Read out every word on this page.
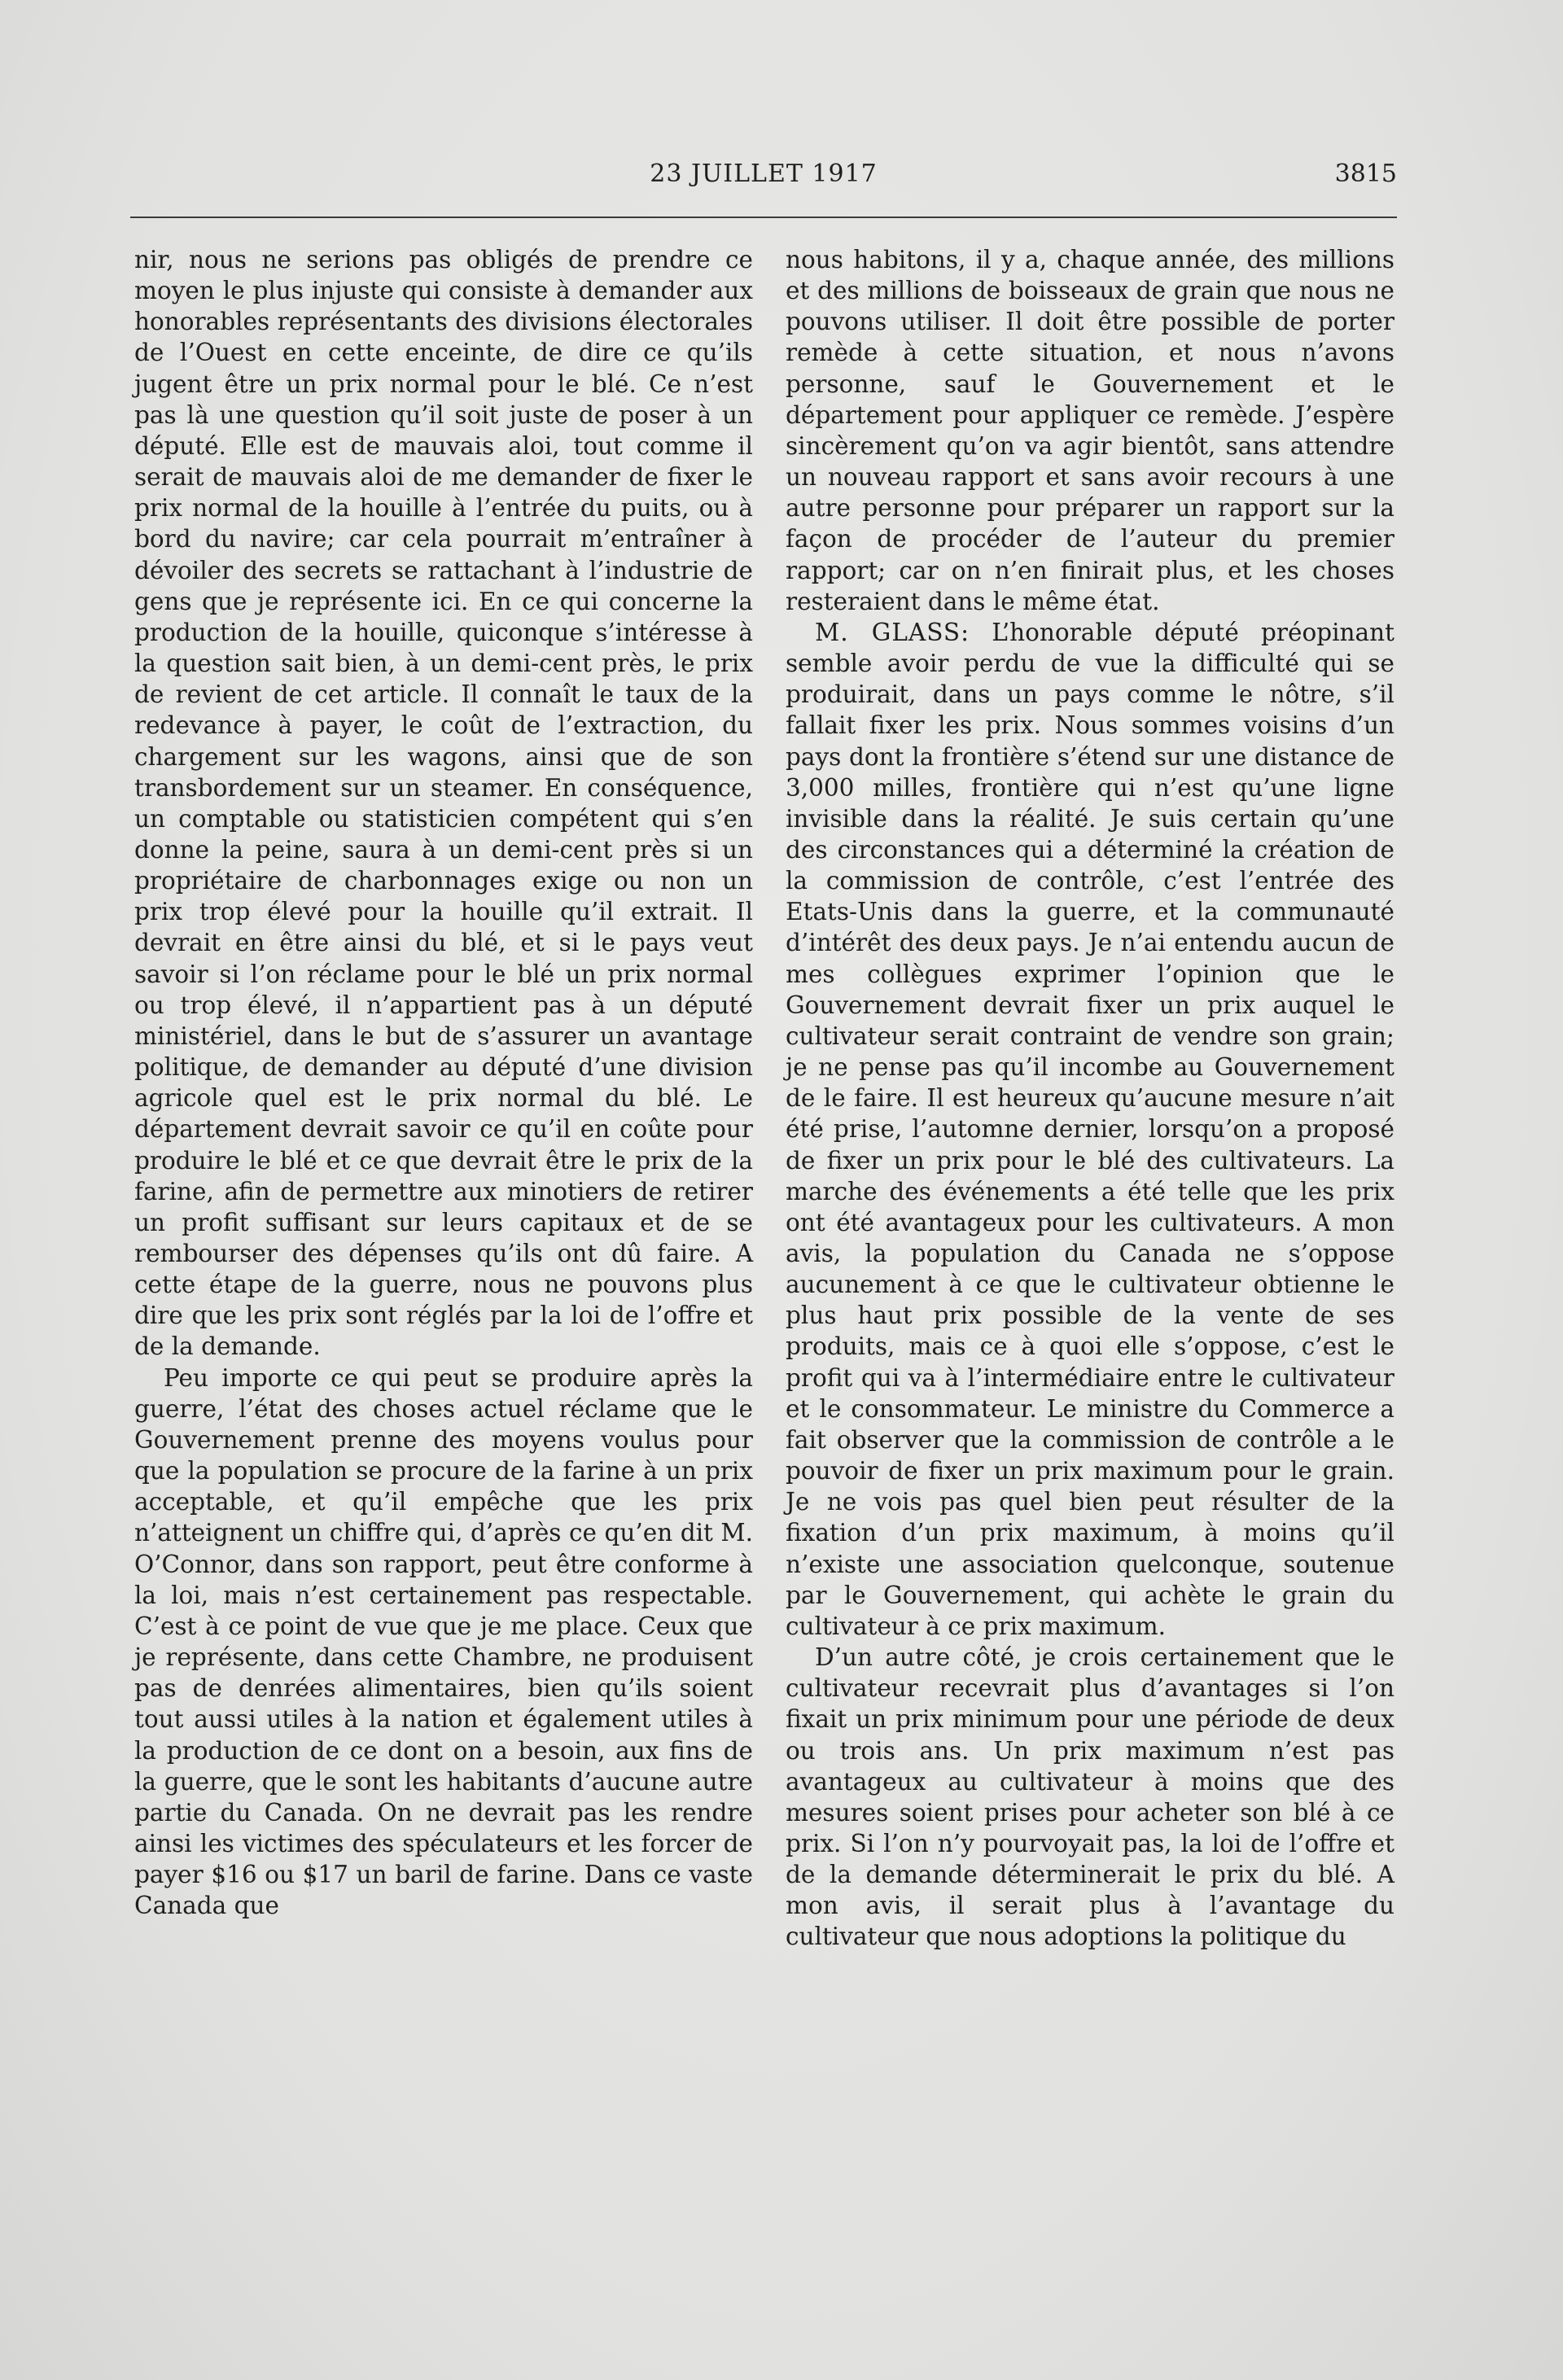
23 JUILLET 1917	3815

nir, nous ne serions pas obligés de prendre ce moyen le plus injuste qui consiste à demander aux honorables représentants des divisions électorales de l’Ouest en cette enceinte, de dire ce qu’ils jugent être un prix normal pour le blé. Ce n’est pas là une question qu’il soit juste de poser à un député. Elle est de mauvais aloi, tout comme il serait de mauvais aloi de me demander de fixer le prix normal de la houille à l’entrée du puits, ou à bord du navire; car cela pourrait m’entraîner à dévoiler des secrets se rattachant à l’industrie de gens que je représente ici. En ce qui concerne la production de la houille, quiconque s’intéresse à la question sait bien, à un demi-cent près, le prix de revient de cet article. Il connaît le taux de la redevance à payer, le coût de l’extraction, du chargement sur les wagons, ainsi que de son transbordement sur un steamer. En conséquence, un comptable ou statisticien compétent qui s’en donne la peine, saura à un demi-cent près si un propriétaire de charbonnages exige ou non un prix trop élevé pour la houille qu’il extrait. Il devrait en être ainsi du blé, et si le pays veut savoir si l’on réclame pour le blé un prix normal ou trop élevé, il n’appartient pas à un député ministériel, dans le but de s’assurer un avantage politique, de demander au député d’une division agricole quel est le prix normal du blé. Le département devrait savoir ce qu’il en coûte pour produire le blé et ce que devrait être le prix de la farine, afin de permettre aux minotiers de retirer un profit suffisant sur leurs capitaux et de se rembourser des dépenses qu’ils ont dû faire. A cette étape de la guerre, nous ne pouvons plus dire que les prix sont réglés par la loi de l’offre et de la demande.

Peu importe ce qui peut se produire après la guerre, l’état des choses actuel réclame que le Gouvernement prenne des moyens voulus pour que la population se procure de la farine à un prix acceptable, et qu’il empêche que les prix n’atteignent un chiffre qui, d’après ce qu’en dit M. O’Connor, dans son rapport, peut être conforme à la loi, mais n’est certainement pas respectable. C’est à ce point de vue que je me place. Ceux que je représente, dans cette Chambre, ne produisent pas de denrées alimentaires, bien qu’ils soient tout aussi utiles à la nation et également utiles à la production de ce dont on a besoin, aux fins de la guerre, que le sont les habitants d’aucune autre partie du Canada. On ne devrait pas les rendre ainsi les victimes des spéculateurs et les forcer de payer $16 ou $17 un baril de farine. Dans ce vaste Canada que

nous habitons, il y a, chaque année, des millions et des millions de boisseaux de grain que nous ne pouvons utiliser. Il doit être possible de porter remède à cette situation, et nous n’avons personne, sauf le Gouvernement et le département pour appliquer ce remède. J’espère sincèrement qu’on va agir bientôt, sans attendre un nouveau rapport et sans avoir recours à une autre personne pour préparer un rapport sur la façon de procéder de l’auteur du premier rapport; car on n’en finirait plus, et les choses resteraient dans le même état.

M. GLASS: L’honorable député préopinant semble avoir perdu de vue la difficulté qui se produirait, dans un pays comme le nôtre, s’il fallait fixer les prix. Nous sommes voisins d’un pays dont la frontière s’étend sur une distance de 3,000 milles, frontière qui n’est qu’une ligne invisible dans la réalité. Je suis certain qu’une des circonstances qui a déterminé la création de la commission de contrôle, c’est l’entrée des Etats-Unis dans la guerre, et la communauté d’intérêt des deux pays. Je n’ai entendu aucun de mes collègues exprimer l’opinion que le Gouvernement devrait fixer un prix auquel le cultivateur serait contraint de vendre son grain; je ne pense pas qu’il incombe au Gouvernement de le faire. Il est heureux qu’aucune mesure n’ait été prise, l’automne dernier, lorsqu’on a proposé de fixer un prix pour le blé des cultivateurs. La marche des événements a été telle que les prix ont été avantageux pour les cultivateurs. A mon avis, la population du Canada ne s’oppose aucunement à ce que le cultivateur obtienne le plus haut prix possible de la vente de ses produits, mais ce à quoi elle s’oppose, c’est le profit qui va à l’intermédiaire entre le cultivateur et le consommateur. Le ministre du Commerce a fait observer que la commission de contrôle a le pouvoir de fixer un prix maximum pour le grain. Je ne vois pas quel bien peut résulter de la fixation d’un prix maximum, à moins qu’il n’existe une association quelconque, soutenue par le Gouvernement, qui achète le grain du cultivateur à ce prix maximum.

D’un autre côté, je crois certainement que le cultivateur recevrait plus d’avantages si l’on fixait un prix minimum pour une période de deux ou trois ans. Un prix maximum n’est pas avantageux au cultivateur à moins que des mesures soient prises pour acheter son blé à ce prix. Si l’on n’y pourvoyait pas, la loi de l’offre et de la demande déterminerait le prix du blé. A mon avis, il serait plus à l’avantage du cultivateur que nous adoptions la politique du
